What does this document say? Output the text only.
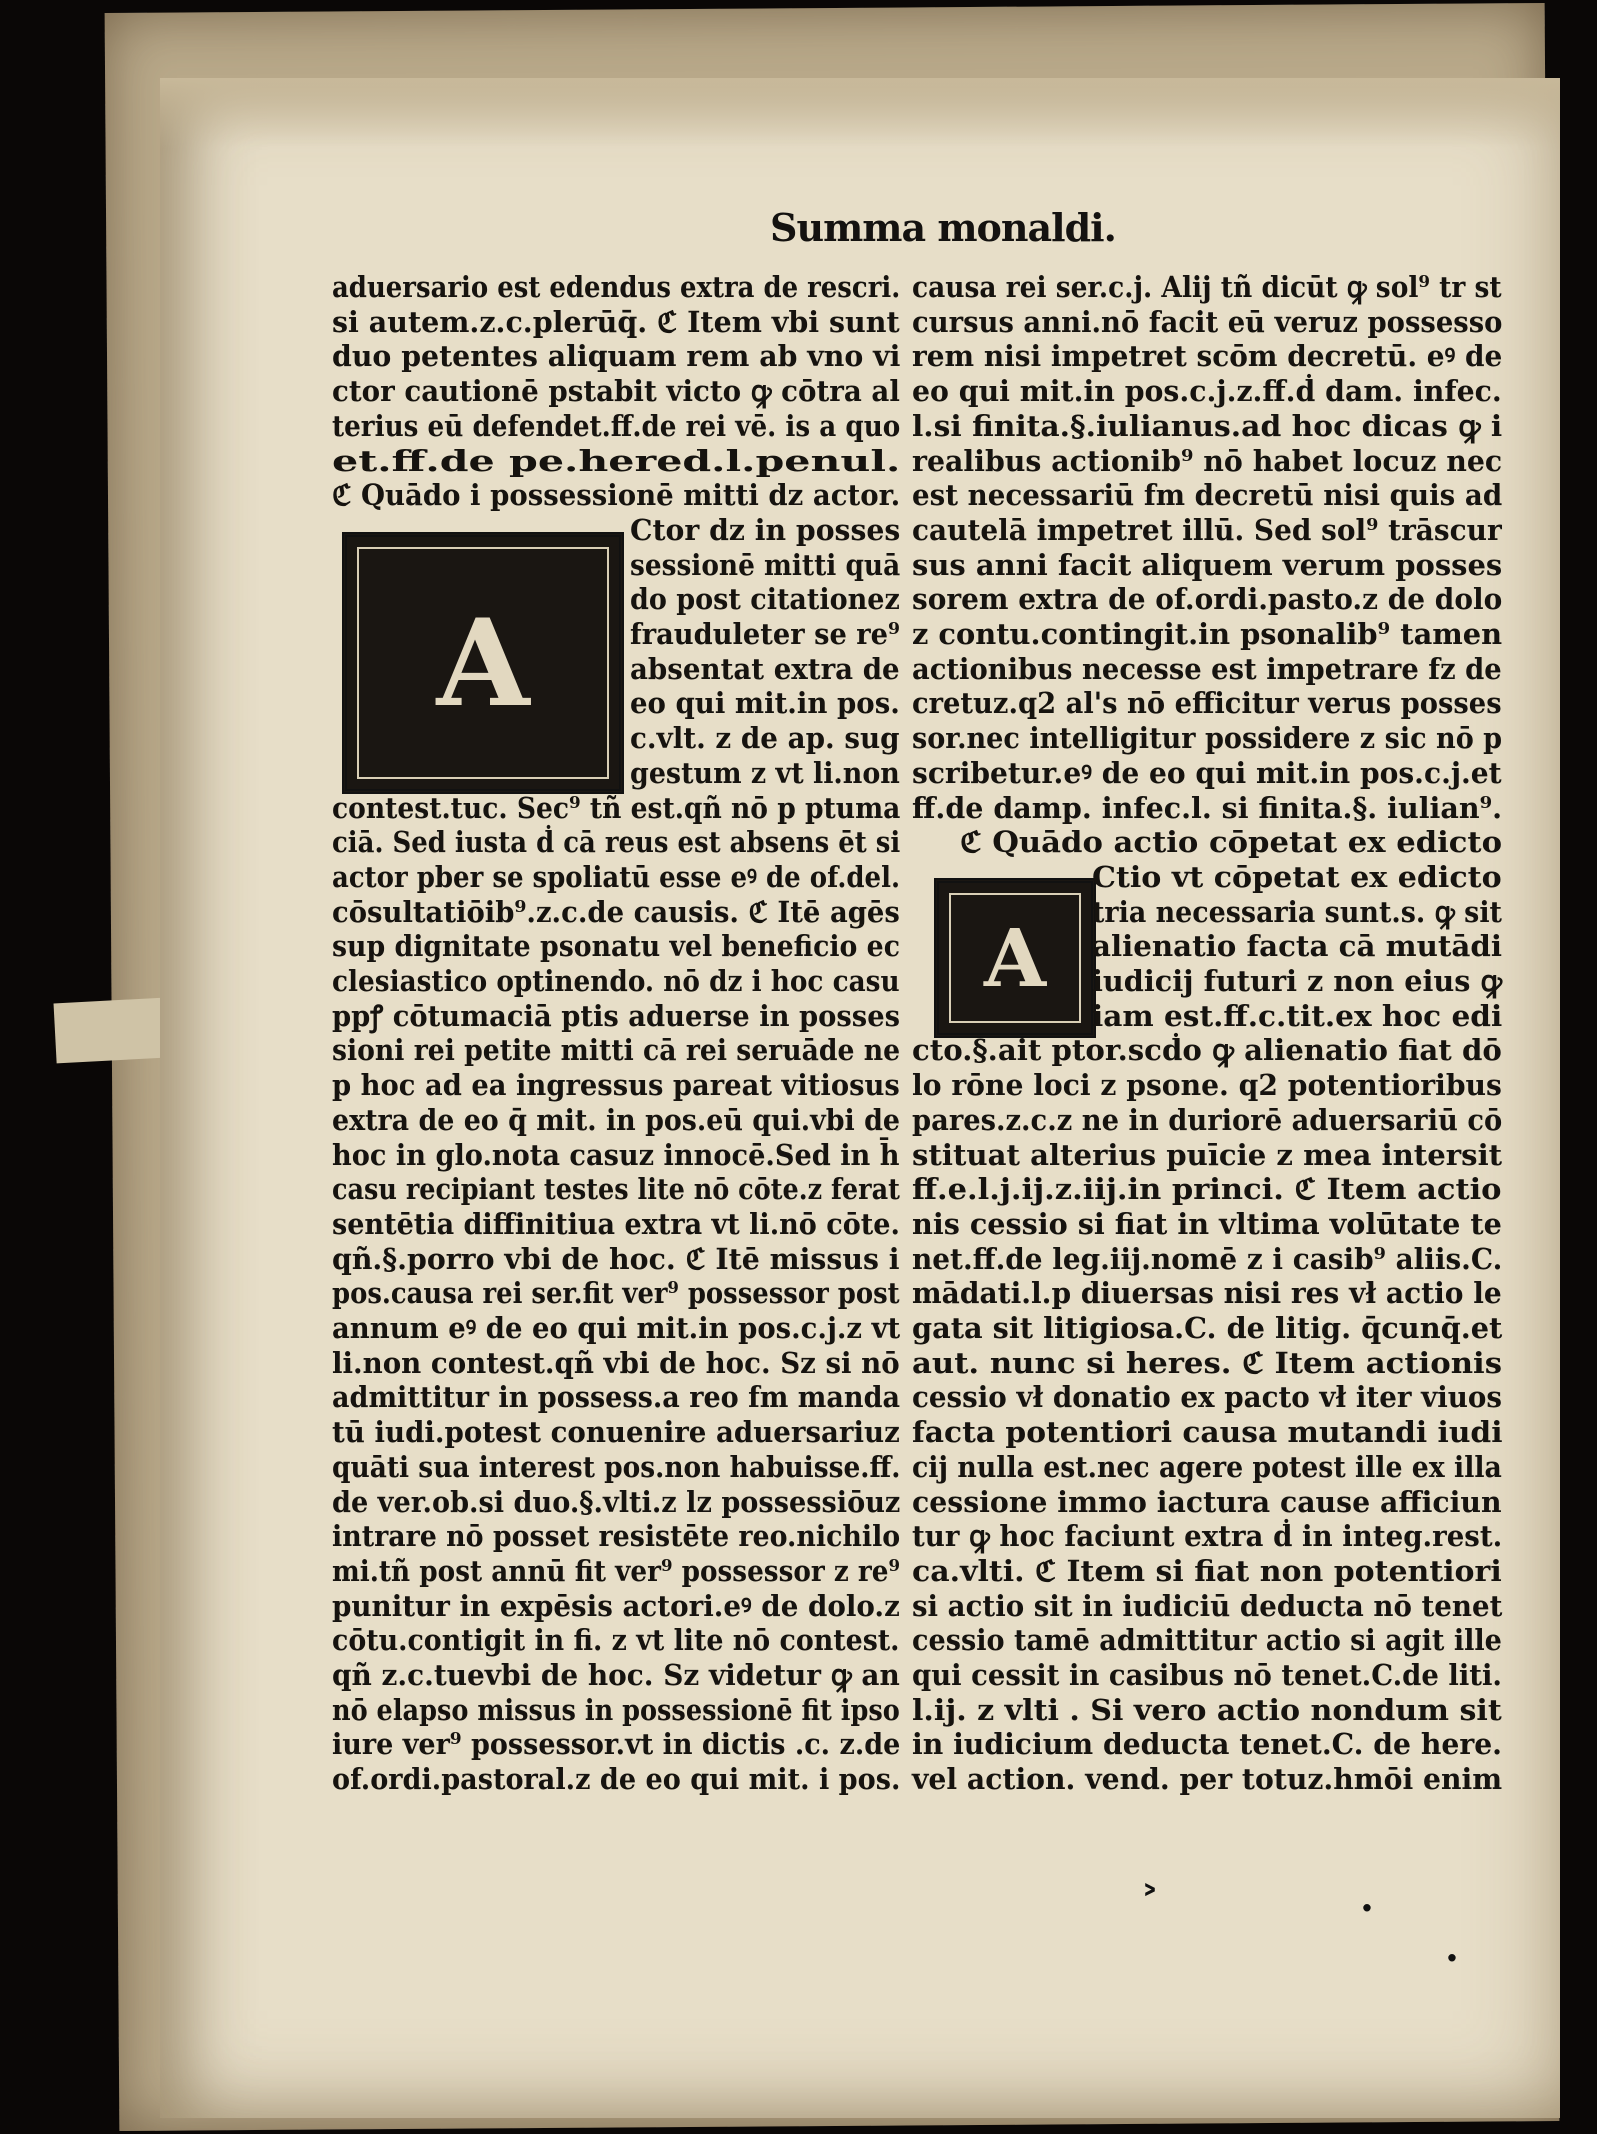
Summa monaldi.
A
A
aduersario est edendus extra de rescri.
si autem.z.c.plerūq̄. ℭ Item vbi sunt
duo petentes aliquam rem ab vno vi
ctor cautionē pstabit victo ꝙ cōtra al
terius eū defendet.ff.de rei vē. is a quo
et.ff.de pe.hered.l.penul.
ℭ Quādo i possessionē mitti dz actor.
Ctor dz in posses
sessionē mitti quā
do post citationez
frauduleter se re⁹
absentat extra de
eo qui mit.in pos.
c.vlt. z de ap. sug
gestum z vt li.non
contest.tuc. Sec⁹ tñ est.qñ nō p ptuma
ciā. Sed iusta ḋ cā reus est absens ēt si
actor pber se spoliatū esse eꝰ de of.del.
cōsultatiōib⁹.z.c.de causis. ℭ Itē agēs
sup dignitate psonatu vel beneficio ec
clesiastico optinendo. nō dz i hoc casu
ppꝭ cōtumaciā ptis aduerse in posses
sioni rei petite mitti cā rei seruāde ne
p hoc ad ea ingressus pareat vitiosus
extra de eo q̄ mit. in pos.eū qui.vbi de
hoc in glo.nota casuz innocē.Sed in h̄
casu recipiant testes lite nō cōte.z ferat
sentētia diffinitiua extra vt li.nō cōte.
qñ.§.porro vbi de hoc. ℭ Itē missus i
pos.causa rei ser.fit ver⁹ possessor post
annum eꝰ de eo qui mit.in pos.c.j.z vt
li.non contest.qñ vbi de hoc. Sz si nō
admittitur in possess.a reo fm manda
tū iudi.potest conuenire aduersariuz
quāti sua interest pos.non habuisse.ff.
de ver.ob.si duo.§.vlti.z lz possessiōuz
intrare nō posset resistēte reo.nichilo
mi.tñ post annū fit ver⁹ possessor z re⁹
punitur in expēsis actori.eꝰ de dolo.z
cōtu.contigit in fi. z vt lite nō contest.
qñ z.c.tuevbi de hoc. Sz videtur ꝙ an
nō elapso missus in possessionē fit ipso
iure ver⁹ possessor.vt in dictis .c. z.de
of.ordi.pastoral.z de eo qui mit. i pos.
causa rei ser.c.j. Alij tñ dicūt ꝙ sol⁹ tr st
cursus anni.nō facit eū veruz possesso
rem nisi impetret scōm decretū. eꝰ de
eo qui mit.in pos.c.j.z.ff.ḋ dam. infec.
l.si finita.§.iulianus.ad hoc dicas ꝙ i
realibus actionib⁹ nō habet locuz nec
est necessariū fm decretū nisi quis ad
cautelā impetret illū. Sed sol⁹ trāscur
sus anni facit aliquem verum posses
sorem extra de of.ordi.pasto.z de dolo
z contu.contingit.in psonalib⁹ tamen
actionibus necesse est impetrare fz de
cretuz.q2 al's nō efficitur verus posses
sor.nec intelligitur possidere z sic nō p
scribetur.eꝰ de eo qui mit.in pos.c.j.et
ff.de damp. infec.l. si finita.§. iulian⁹.
ℭ Quādo actio cōpetat ex edicto
Ctio vt cōpetat ex edicto
tria necessaria sunt.s. ꝙ sit
alienatio facta cā mutādi
iudicij futuri z non eius ꝙ
iam est.ff.c.tit.ex hoc edi
cto.§.ait ptor.scḋo ꝙ alienatio fiat dō
lo rōne loci z psone. q2 potentioribus
pares.z.c.z ne in duriorē aduersariū cō
stituat alterius puīcie z mea intersit
ff.e.l.j.ij.z.iij.in princi. ℭ Item actio
nis cessio si fiat in vltima volūtate te
net.ff.de leg.iij.nomē z i casib⁹ aliis.C.
mādati.l.p diuersas nisi res vł actio le
gata sit litigiosa.C. de litig. q̄cunq̄.et
aut. nunc si heres. ℭ Item actionis
cessio vł donatio ex pacto vł iter viuos
facta potentiori causa mutandi iudi
cij nulla est.nec agere potest ille ex illa
cessione immo iactura cause afficiun
tur ꝙ hoc faciunt extra ḋ in integ.rest.
ca.vlti. ℭ Item si fiat non potentiori
si actio sit in iudiciū deducta nō tenet
cessio tamē admittitur actio si agit ille
qui cessit in casibus nō tenet.C.de liti.
l.ij. z vlti . Si vero actio nondum sit
in iudicium deducta tenet.C. de here.
vel action. vend. per totuz.hmōi enim
˃	·
·
